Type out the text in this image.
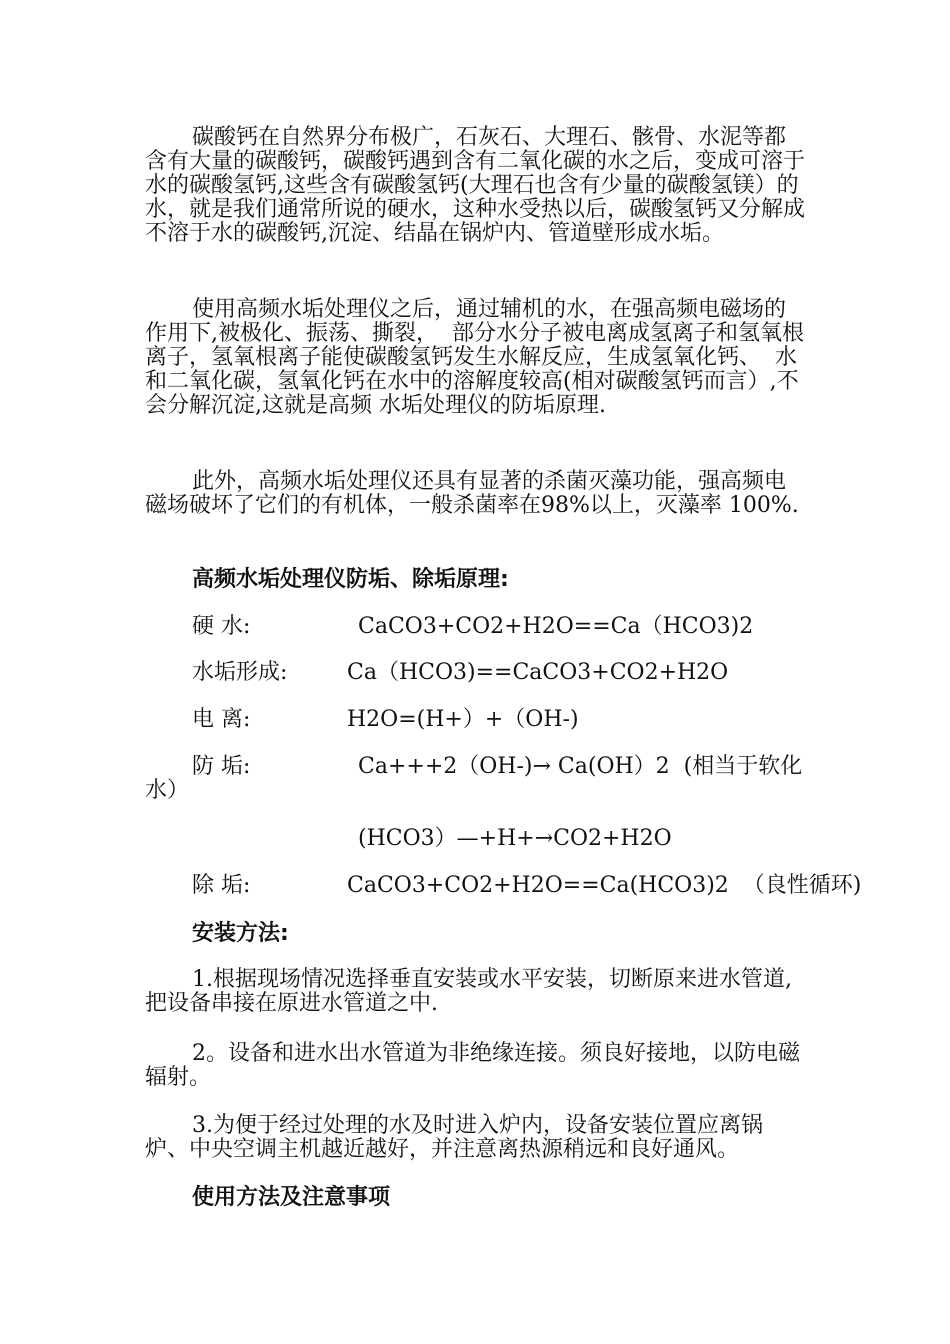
碳酸钙在自然界分布极广，石灰石、大理石、骸骨、水泥等都含有大量的碳酸钙，碳酸钙遇到含有二氧化碳的水之后，变成可溶于水的碳酸氢钙,这些含有碳酸氢钙(大理石也含有少量的碳酸氢镁）的水，就是我们通常所说的硬水，这种水受热以后，碳酸氢钙又分解成不溶于水的碳酸钙,沉淀、结晶在锅炉内、管道壁形成水垢。

使用高频水垢处理仪之后，通过辅机的水，在强高频电磁场的作用下,被极化、振荡、撕裂，  部分水分子被电离成氢离子和氢氧根离子，氢氧根离子能使碳酸氢钙发生水解反应，生成氢氧化钙、  水和二氧化碳，氢氧化钙在水中的溶解度较高(相对碳酸氢钙而言）,不会分解沉淀,这就是高频 水垢处理仪的防垢原理.

此外，高频水垢处理仪还具有显著的杀菌灭藻功能，强高频电磁场破坏了它们的有机体，一般杀菌率在98%以上，灭藻率 100%.

高频水垢处理仪防垢、除垢原理:

硬 水:

	CaCO3+CO2+H2O==Ca（HCO3)2

水垢形成:

	Ca（HCO3)==CaCO3+CO2+H2O

电 离:

	H2O=(H+）+（OH-)

防 垢:

	Ca+++2（OH-)→ Ca(OH）2  (相当于软化

水）
(HCO3）—+H+→CO2+H2O

除 垢:

	CaCO3+CO2+H2O==Ca(HCO3)2  （良性循环)

安装方法:

1.根据现场情况选择垂直安装或水平安装，切断原来进水管道,把设备串接在原进水管道之中.

2。设备和进水出水管道为非绝缘连接。须良好接地，以防电磁辐射。

3.为便于经过处理的水及时进入炉内，设备安装位置应离锅炉、中央空调主机越近越好，并注意离热源稍远和良好通风。

使用方法及注意事项
